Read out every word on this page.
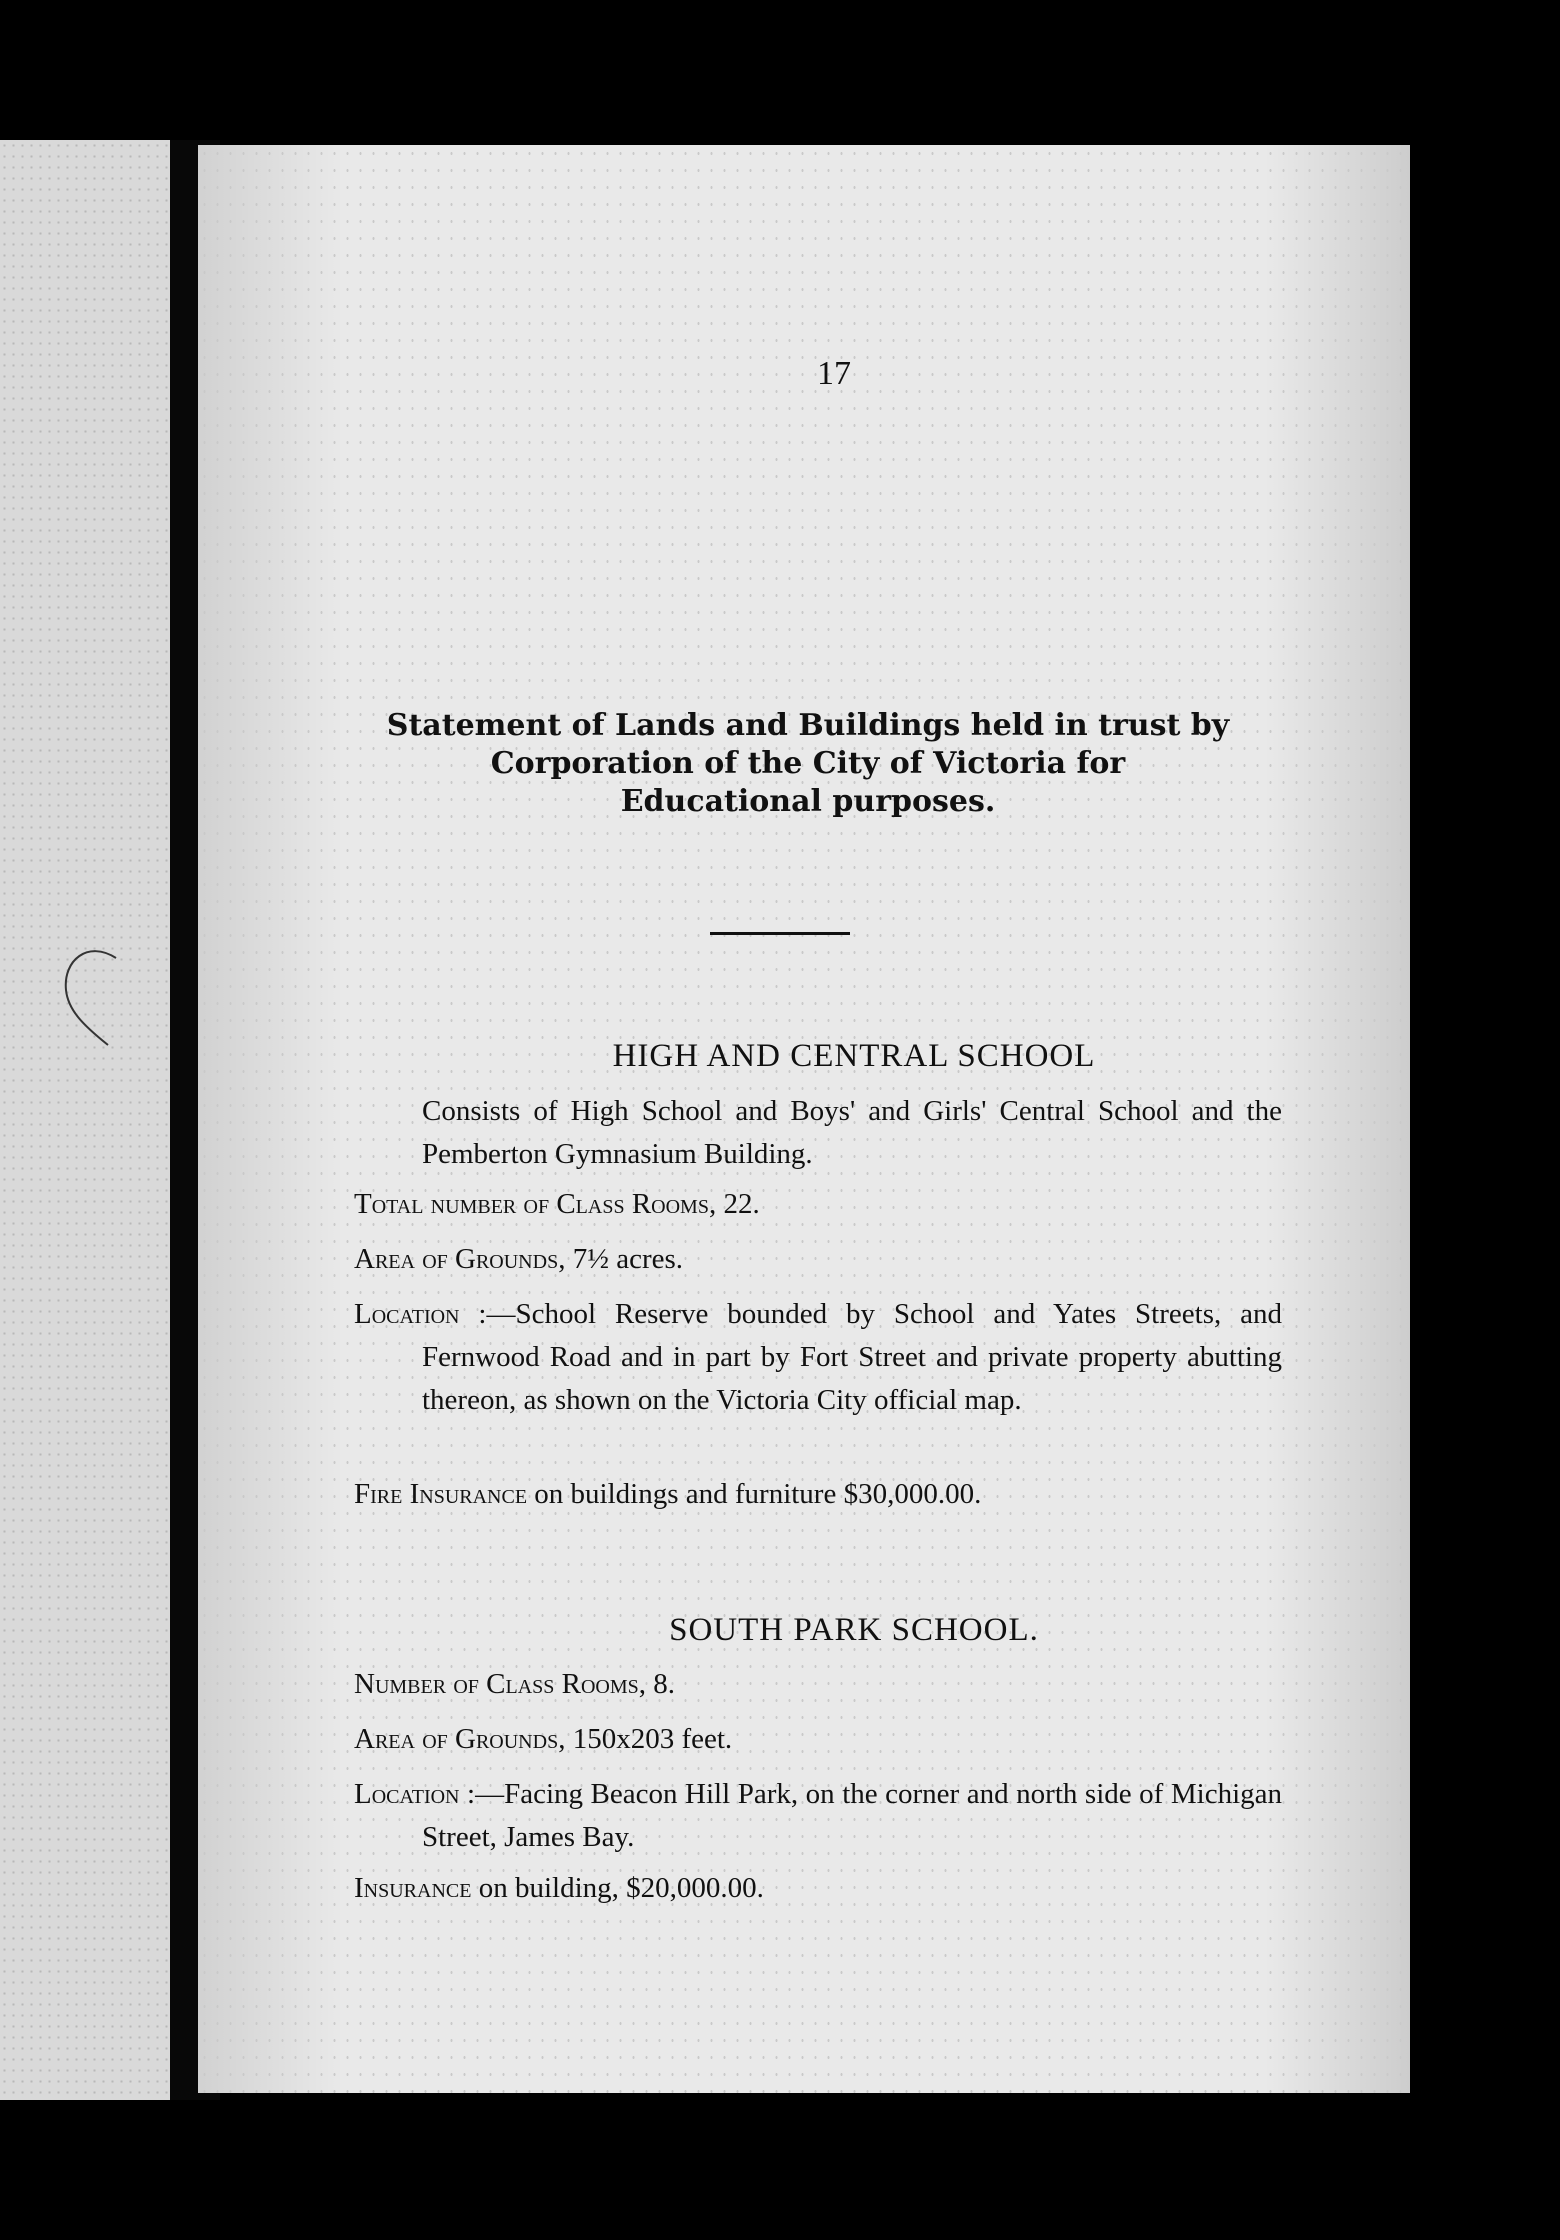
17
Statement of Lands and Buildings held in trust by
Corporation of the City of Victoria for
Educational purposes.
HIGH AND CENTRAL SCHOOL
Consists of High School and Boys' and Girls' Central School and the Pemberton Gymnasium Building.
Total number of Class Rooms, 22.
Area of Grounds, 7½ acres.
Location :—School Reserve bounded by School and Yates Streets, and Fernwood Road and in part by Fort Street and private property abutting thereon, as shown on the Victoria City official map.
Fire Insurance on buildings and furniture $30,000.00.
SOUTH PARK SCHOOL.
Number of Class Rooms, 8.
Area of Grounds, 150x203 feet.
Location :—Facing Beacon Hill Park, on the corner and north side of Michigan Street, James Bay.
Insurance on building, $20,000.00.
